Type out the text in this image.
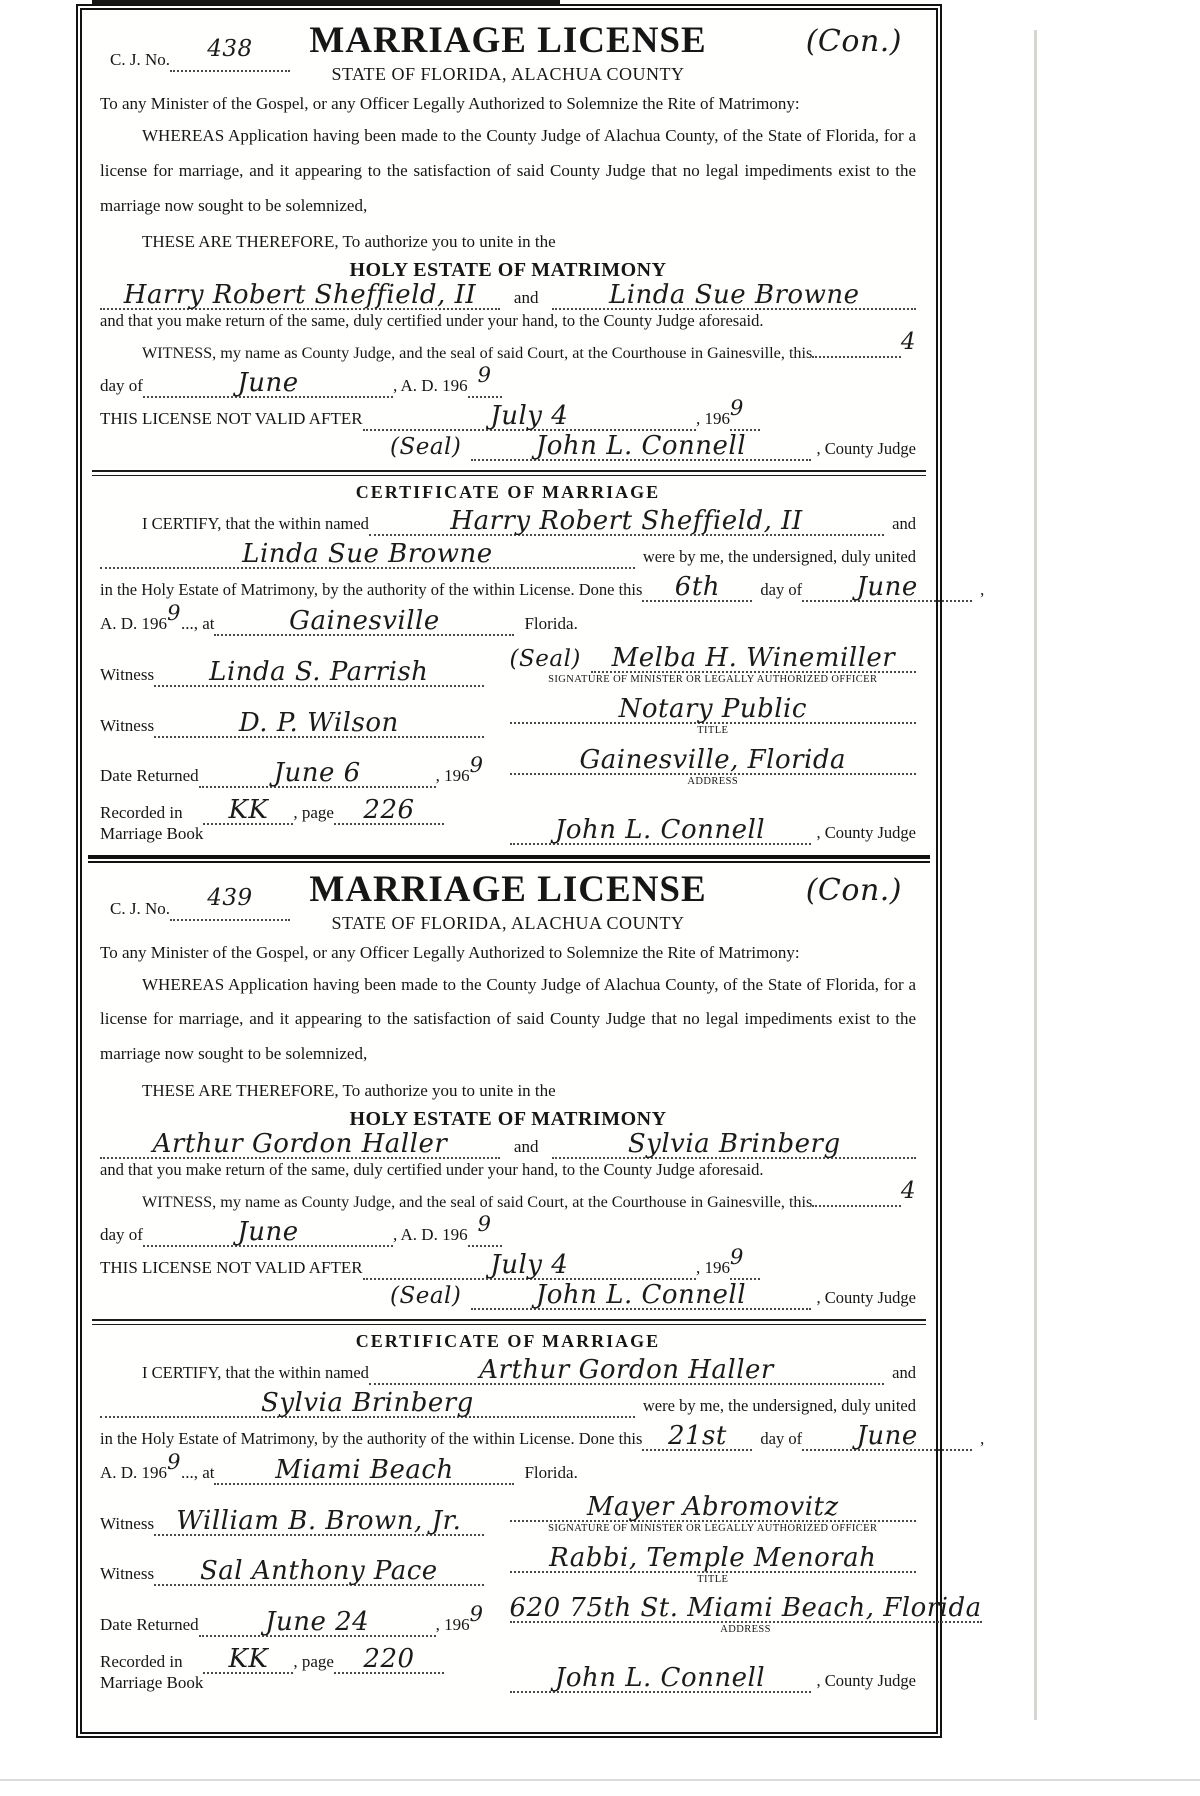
C. J. No.	438	MARRIAGE LICENSE
STATE OF FLORIDA, ALACHUA COUNTY
(Con.)

To any Minister of the Gospel, or any Officer Legally Authorized to Solemnize the Rite of Matrimony:

WHEREAS Application having been made to the County Judge of Alachua County, of the State of Florida, for a license for marriage, and it appearing to the satisfaction of said County Judge that no legal impediments exist to the marriage now sought to be solemnized,

THESE ARE THEREFORE, To authorize you to unite in the

HOLY ESTATE OF MATRIMONY
Harry Robert Sheffield, II	and	Linda Sue Browne

and that you make return of the same, duly certified under your hand, to the County Judge aforesaid.

WITNESS, my name as County Judge, and the seal of said Court, at the Courthouse in Gainesville, this	4
day of	June	, A. D. 196 9
THIS LICENSE NOT VALID AFTER	July 4	, 196 9
(Seal)	John L. Connell	, County Judge
CERTIFICATE OF MARRIAGE
I CERTIFY, that the within named	Harry Robert Sheffield, II	and
Linda Sue Browne	were by me, the undersigned, duly united
in the Holy Estate of Matrimony, by the authority of the within License. Done this	6th	day of	June	,
A. D. 196 9 ..., at	Gainesville	Florida.
Witness	Linda S. Parrish	(Seal)	Melba H. Winemiller
SIGNATURE OF MINISTER OR LEGALLY AUTHORIZED OFFICER
Witness	D. P. Wilson	Notary Public
TITLE
Date Returned	June 6	, 196 9	Gainesville, Florida
ADDRESS
Recorded in
Marriage Book
KK	, page	226
John L. Connell	, County Judge
C. J. No.	439	MARRIAGE LICENSE
STATE OF FLORIDA, ALACHUA COUNTY
(Con.)

To any Minister of the Gospel, or any Officer Legally Authorized to Solemnize the Rite of Matrimony:

WHEREAS Application having been made to the County Judge of Alachua County, of the State of Florida, for a license for marriage, and it appearing to the satisfaction of said County Judge that no legal impediments exist to the marriage now sought to be solemnized,

THESE ARE THEREFORE, To authorize you to unite in the

HOLY ESTATE OF MATRIMONY
Arthur Gordon Haller	and	Sylvia Brinberg

and that you make return of the same, duly certified under your hand, to the County Judge aforesaid.

WITNESS, my name as County Judge, and the seal of said Court, at the Courthouse in Gainesville, this	4
day of	June	, A. D. 196 9
THIS LICENSE NOT VALID AFTER	July 4	, 196 9
(Seal)	John L. Connell	, County Judge
CERTIFICATE OF MARRIAGE
I CERTIFY, that the within named	Arthur Gordon Haller	and
Sylvia Brinberg	were by me, the undersigned, duly united
in the Holy Estate of Matrimony, by the authority of the within License. Done this 21st	day of	June	,
A. D. 196 9 ..., at	Miami Beach	Florida.
Witness William B. Brown, Jr.	Mayer Abromovitz
SIGNATURE OF MINISTER OR LEGALLY AUTHORIZED OFFICER
Witness	Sal Anthony Pace	Rabbi, Temple Menorah
TITLE
Date Returned	June 24	, 196 9 620 75th St. Miami Beach, Florida
ADDRESS
Recorded in
Marriage Book
KK	, page	220
John L. Connell	, County Judge
